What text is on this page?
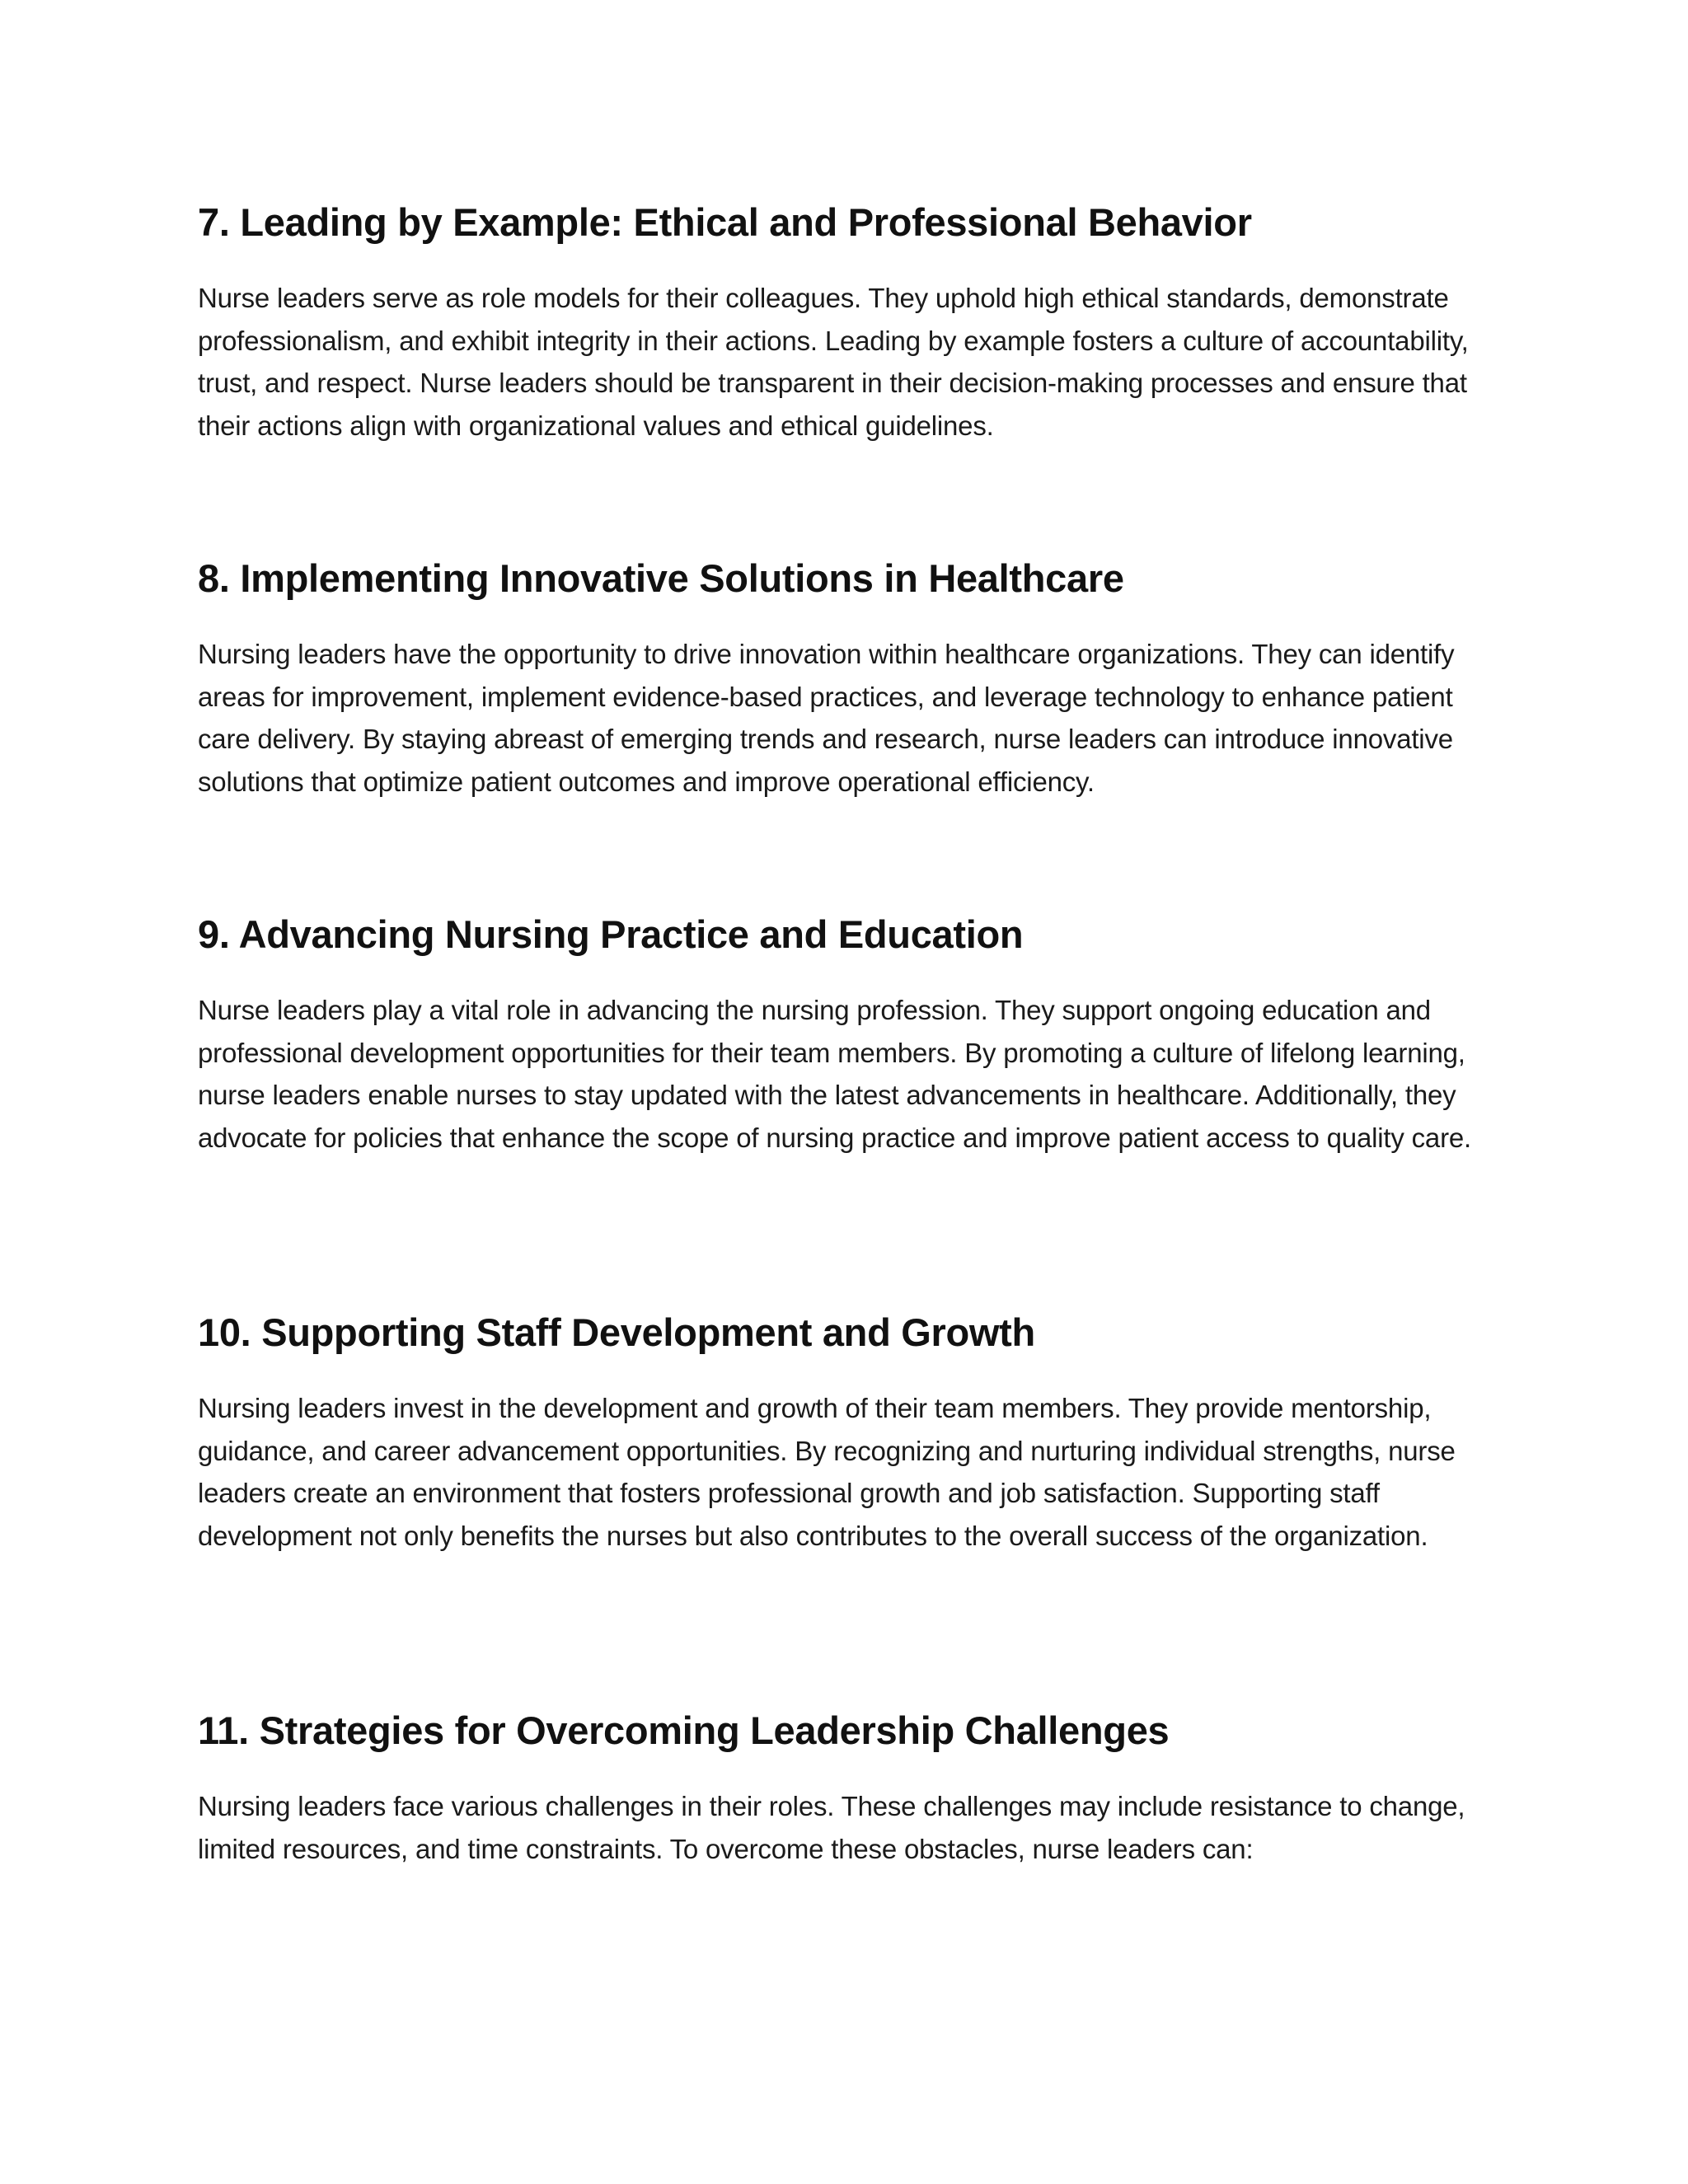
7. Leading by Example: Ethical and Professional Behavior

Nurse leaders serve as role models for their colleagues. They uphold high ethical standards, demonstrate professionalism, and exhibit integrity in their actions. Leading by example fosters a culture of accountability, trust, and respect. Nurse leaders should be transparent in their decision-making processes and ensure that their actions align with organizational values and ethical guidelines.

8. Implementing Innovative Solutions in Healthcare

Nursing leaders have the opportunity to drive innovation within healthcare organizations. They can identify areas for improvement, implement evidence-based practices, and leverage technology to enhance patient care delivery. By staying abreast of emerging trends and research, nurse leaders can introduce innovative solutions that optimize patient outcomes and improve operational efficiency.

9. Advancing Nursing Practice and Education

Nurse leaders play a vital role in advancing the nursing profession. They support ongoing education and professional development opportunities for their team members. By promoting a culture of lifelong learning, nurse leaders enable nurses to stay updated with the latest advancements in healthcare. Additionally, they advocate for policies that enhance the scope of nursing practice and improve patient access to quality care.

10. Supporting Staff Development and Growth

Nursing leaders invest in the development and growth of their team members. They provide mentorship, guidance, and career advancement opportunities. By recognizing and nurturing individual strengths, nurse leaders create an environment that fosters professional growth and job satisfaction. Supporting staff development not only benefits the nurses but also contributes to the overall success of the organization.

11. Strategies for Overcoming Leadership Challenges

Nursing leaders face various challenges in their roles. These challenges may include resistance to change, limited resources, and time constraints. To overcome these obstacles, nurse leaders can:
